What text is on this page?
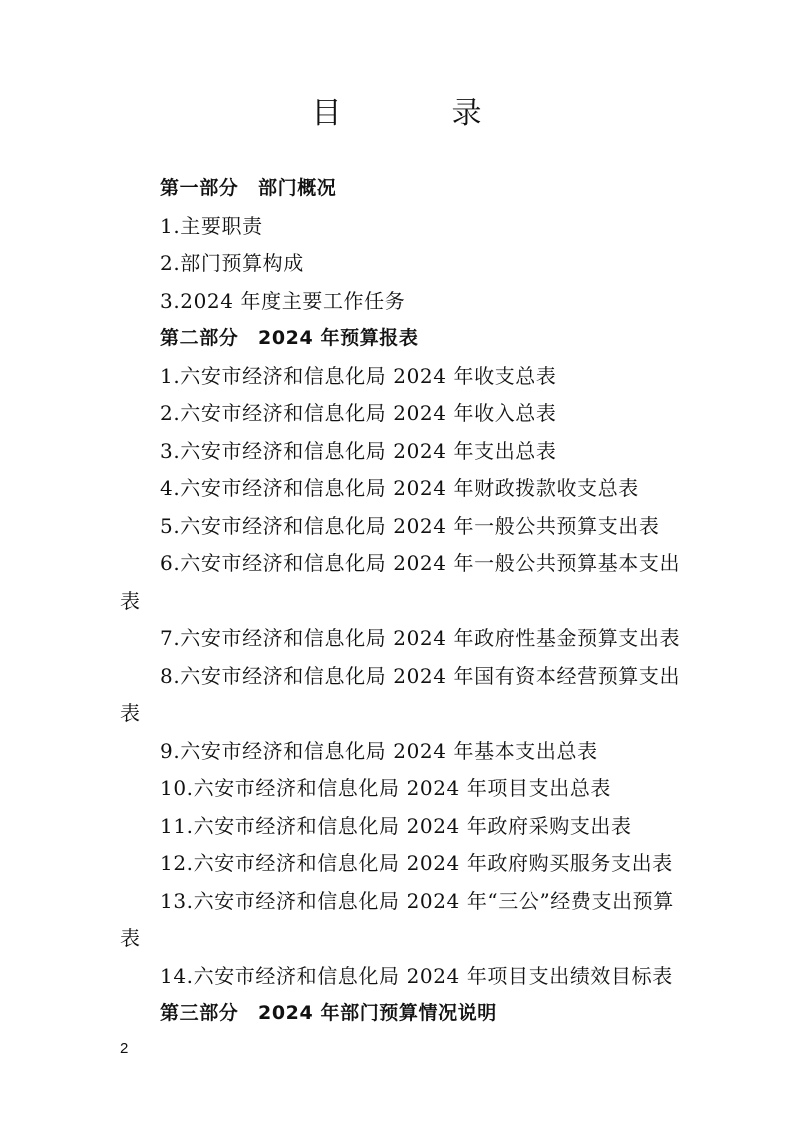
目　录
第一部分　部门概况
1.主要职责
2.部门预算构成
3.2024 年度主要工作任务
第二部分　2024 年预算报表
1.六安市经济和信息化局 2024 年收支总表
2.六安市经济和信息化局 2024 年收入总表
3.六安市经济和信息化局 2024 年支出总表
4.六安市经济和信息化局 2024 年财政拨款收支总表
5.六安市经济和信息化局 2024 年一般公共预算支出表
6.六安市经济和信息化局 2024 年一般公共预算基本支出
表
7.六安市经济和信息化局 2024 年政府性基金预算支出表
8.六安市经济和信息化局 2024 年国有资本经营预算支出
表
9.六安市经济和信息化局 2024 年基本支出总表
10.六安市经济和信息化局 2024 年项目支出总表
11.六安市经济和信息化局 2024 年政府采购支出表
12.六安市经济和信息化局 2024 年政府购买服务支出表
13.六安市经济和信息化局 2024 年“三公”经费支出预算
表
14.六安市经济和信息化局 2024 年项目支出绩效目标表
第三部分　2024 年部门预算情况说明
2
